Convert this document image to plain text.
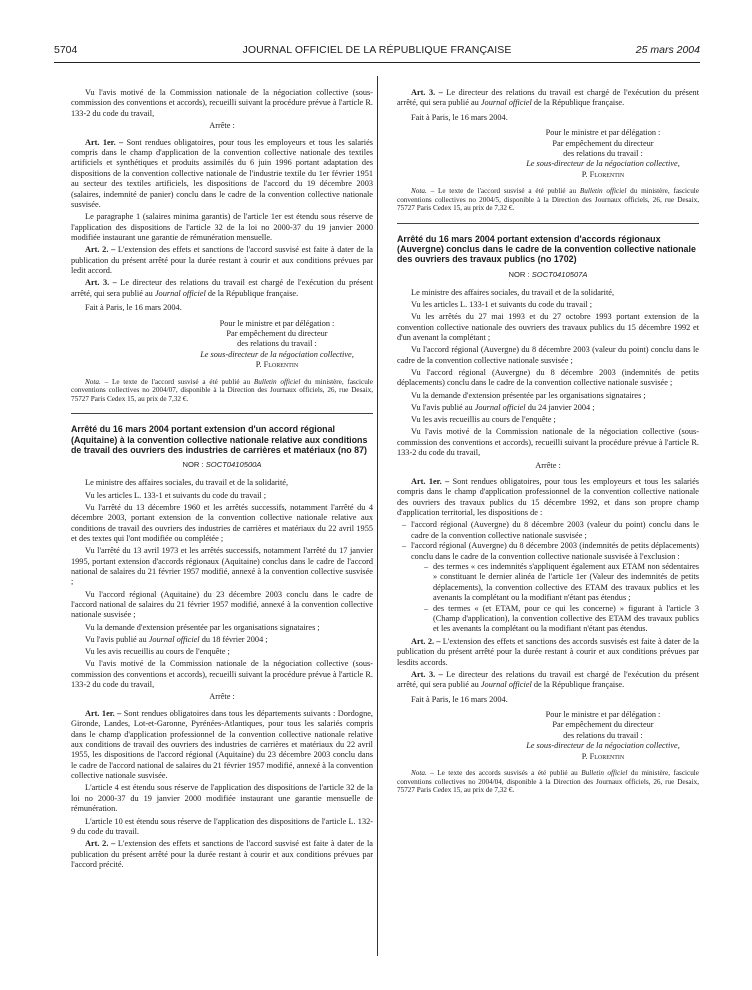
5704	JOURNAL OFFICIEL DE LA RÉPUBLIQUE FRANÇAISE	25 mars 2004

Vu l'avis motivé de la Commission nationale de la négociation collective (sous-commission des conventions et accords), recueilli suivant la procédure prévue à l'article R. 133-2 du code du travail,

Arrête :

Art. 1er. – Sont rendues obligatoires, pour tous les employeurs et tous les salariés compris dans le champ d'application de la convention collective nationale des textiles artificiels et synthétiques et produits assimilés du 6 juin 1996 portant adaptation des dispositions de la convention collective nationale de l'industrie textile du 1er février 1951 au secteur des textiles artificiels, les dispositions de l'accord du 19 décembre 2003 (salaires, indemnité de panier) conclu dans le cadre de la convention collective nationale susvisée.

Le paragraphe 1 (salaires minima garantis) de l'article 1er est étendu sous réserve de l'application des dispositions de l'article 32 de la loi no 2000-37 du 19 janvier 2000 modifiée instaurant une garantie de rémunération mensuelle.

Art. 2. – L'extension des effets et sanctions de l'accord susvisé est faite à dater de la publication du présent arrêté pour la durée restant à courir et aux conditions prévues par ledit accord.

Art. 3. – Le directeur des relations du travail est chargé de l'exécution du présent arrêté, qui sera publié au Journal officiel de la République française.

Fait à Paris, le 16 mars 2004.

Pour le ministre et par délégation :
Par empêchement du directeur
des relations du travail :
Le sous-directeur de la négociation collective,
P. Florentin

Nota. – Le texte de l'accord susvisé a été publié au Bulletin officiel du ministère, fascicule conventions collectives no 2004/07, disponible à la Direction des Journaux officiels, 26, rue Desaix, 75727 Paris Cedex 15, au prix de 7,32 €.

Arrêté du 16 mars 2004 portant extension d'un accord régional (Aquitaine) à la convention collective nationale relative aux conditions de travail des ouvriers des industries de carrières et matériaux (no 87)
NOR : SOCT0410500A

Le ministre des affaires sociales, du travail et de la solidarité,

Vu les articles L. 133-1 et suivants du code du travail ;

Vu l'arrêté du 13 décembre 1960 et les arrêtés successifs, notamment l'arrêté du 4 décembre 2003, portant extension de la convention collective nationale relative aux conditions de travail des ouvriers des industries de carrières et matériaux du 22 avril 1955 et des textes qui l'ont modifiée ou complétée ;

Vu l'arrêté du 13 avril 1973 et les arrêtés successifs, notamment l'arrêté du 17 janvier 1995, portant extension d'accords régionaux (Aquitaine) conclus dans le cadre de l'accord national de salaires du 21 février 1957 modifié, annexé à la convention collective susvisée ;

Vu l'accord régional (Aquitaine) du 23 décembre 2003 conclu dans le cadre de l'accord national de salaires du 21 février 1957 modifié, annexé à la convention collective nationale susvisée ;

Vu la demande d'extension présentée par les organisations signataires ;

Vu l'avis publié au Journal officiel du 18 février 2004 ;

Vu les avis recueillis au cours de l'enquête ;

Vu l'avis motivé de la Commission nationale de la négociation collective (sous-commission des conventions et accords), recueilli suivant la procédure prévue à l'article R. 133-2 du code du travail,

Arrête :

Art. 1er. – Sont rendues obligatoires dans tous les départements suivants : Dordogne, Gironde, Landes, Lot-et-Garonne, Pyrénées-Atlantiques, pour tous les salariés compris dans le champ d'application professionnel de la convention collective nationale relative aux conditions de travail des ouvriers des industries de carrières et matériaux du 22 avril 1955, les dispositions de l'accord régional (Aquitaine) du 23 décembre 2003 conclu dans le cadre de l'accord national de salaires du 21 février 1957 modifié, annexé à la convention collective nationale susvisée.

L'article 4 est étendu sous réserve de l'application des dispositions de l'article 32 de la loi no 2000-37 du 19 janvier 2000 modifiée instaurant une garantie mensuelle de rémunération.

L'article 10 est étendu sous réserve de l'application des dispositions de l'article L. 132-9 du code du travail.

Art. 2. – L'extension des effets et sanctions de l'accord susvisé est faite à dater de la publication du présent arrêté pour la durée restant à courir et aux conditions prévues par l'accord précité.

Art. 3. – Le directeur des relations du travail est chargé de l'exécution du présent arrêté, qui sera publié au Journal officiel de la République française.

Fait à Paris, le 16 mars 2004.

Pour le ministre et par délégation :
Par empêchement du directeur
des relations du travail :
Le sous-directeur de la négociation collective,
P. Florentin

Nota. – Le texte de l'accord susvisé a été publié au Bulletin officiel du ministère, fascicule conventions collectives no 2004/5, disponible à la Direction des Journaux officiels, 26, rue Desaix, 75727 Paris Cedex 15, au prix de 7,32 €.

Arrêté du 16 mars 2004 portant extension d'accords régionaux (Auvergne) conclus dans le cadre de la convention collective nationale des ouvriers des travaux publics (no 1702)
NOR : SOCT0410507A

Le ministre des affaires sociales, du travail et de la solidarité,

Vu les articles L. 133-1 et suivants du code du travail ;

Vu les arrêtés du 27 mai 1993 et du 27 octobre 1993 portant extension de la convention collective nationale des ouvriers des travaux publics du 15 décembre 1992 et d'un avenant la complétant ;

Vu l'accord régional (Auvergne) du 8 décembre 2003 (valeur du point) conclu dans le cadre de la convention collective nationale susvisée ;

Vu l'accord régional (Auvergne) du 8 décembre 2003 (indemnités de petits déplacements) conclu dans le cadre de la convention collective nationale susvisée ;

Vu la demande d'extension présentée par les organisations signataires ;

Vu l'avis publié au Journal officiel du 24 janvier 2004 ;

Vu les avis recueillis au cours de l'enquête ;

Vu l'avis motivé de la Commission nationale de la négociation collective (sous-commission des conventions et accords), recueilli suivant la procédure prévue à l'article R. 133-2 du code du travail,

Arrête :

Art. 1er. – Sont rendues obligatoires, pour tous les employeurs et tous les salariés compris dans le champ d'application professionnel de la convention collective nationale des ouvriers des travaux publics du 15 décembre 1992, et dans son propre champ d'application territorial, les dispositions de :

– l'accord régional (Auvergne) du 8 décembre 2003 (valeur du point) conclu dans le cadre de la convention collective nationale susvisée ;
– l'accord régional (Auvergne) du 8 décembre 2003 (indemnités de petits déplacements) conclu dans le cadre de la convention collective nationale susvisée à l'exclusion :
– des termes « ces indemnités s'appliquent également aux ETAM non sédentaires » constituant le dernier alinéa de l'article 1er (Valeur des indemnités de petits déplacements), la convention collective des ETAM des travaux publics et les avenants la complétant ou la modifiant n'étant pas étendus ;
– des termes « (et ETAM, pour ce qui les concerne) » figurant à l'article 3 (Champ d'application), la convention collective des ETAM des travaux publics et les avenants la complétant ou la modifiant n'étant pas étendus.

Art. 2. – L'extension des effets et sanctions des accords susvisés est faite à dater de la publication du présent arrêté pour la durée restant à courir et aux conditions prévues par lesdits accords.

Art. 3. – Le directeur des relations du travail est chargé de l'exécution du présent arrêté, qui sera publié au Journal officiel de la République française.

Fait à Paris, le 16 mars 2004.

Pour le ministre et par délégation :
Par empêchement du directeur
des relations du travail :
Le sous-directeur de la négociation collective,
P. Florentin

Nota. – Le texte des accords susvisés a été publié au Bulletin officiel du ministère, fascicule conventions collectives no 2004/04, disponible à la Direction des Journaux officiels, 26, rue Desaix, 75727 Paris Cedex 15, au prix de 7,32 €.
